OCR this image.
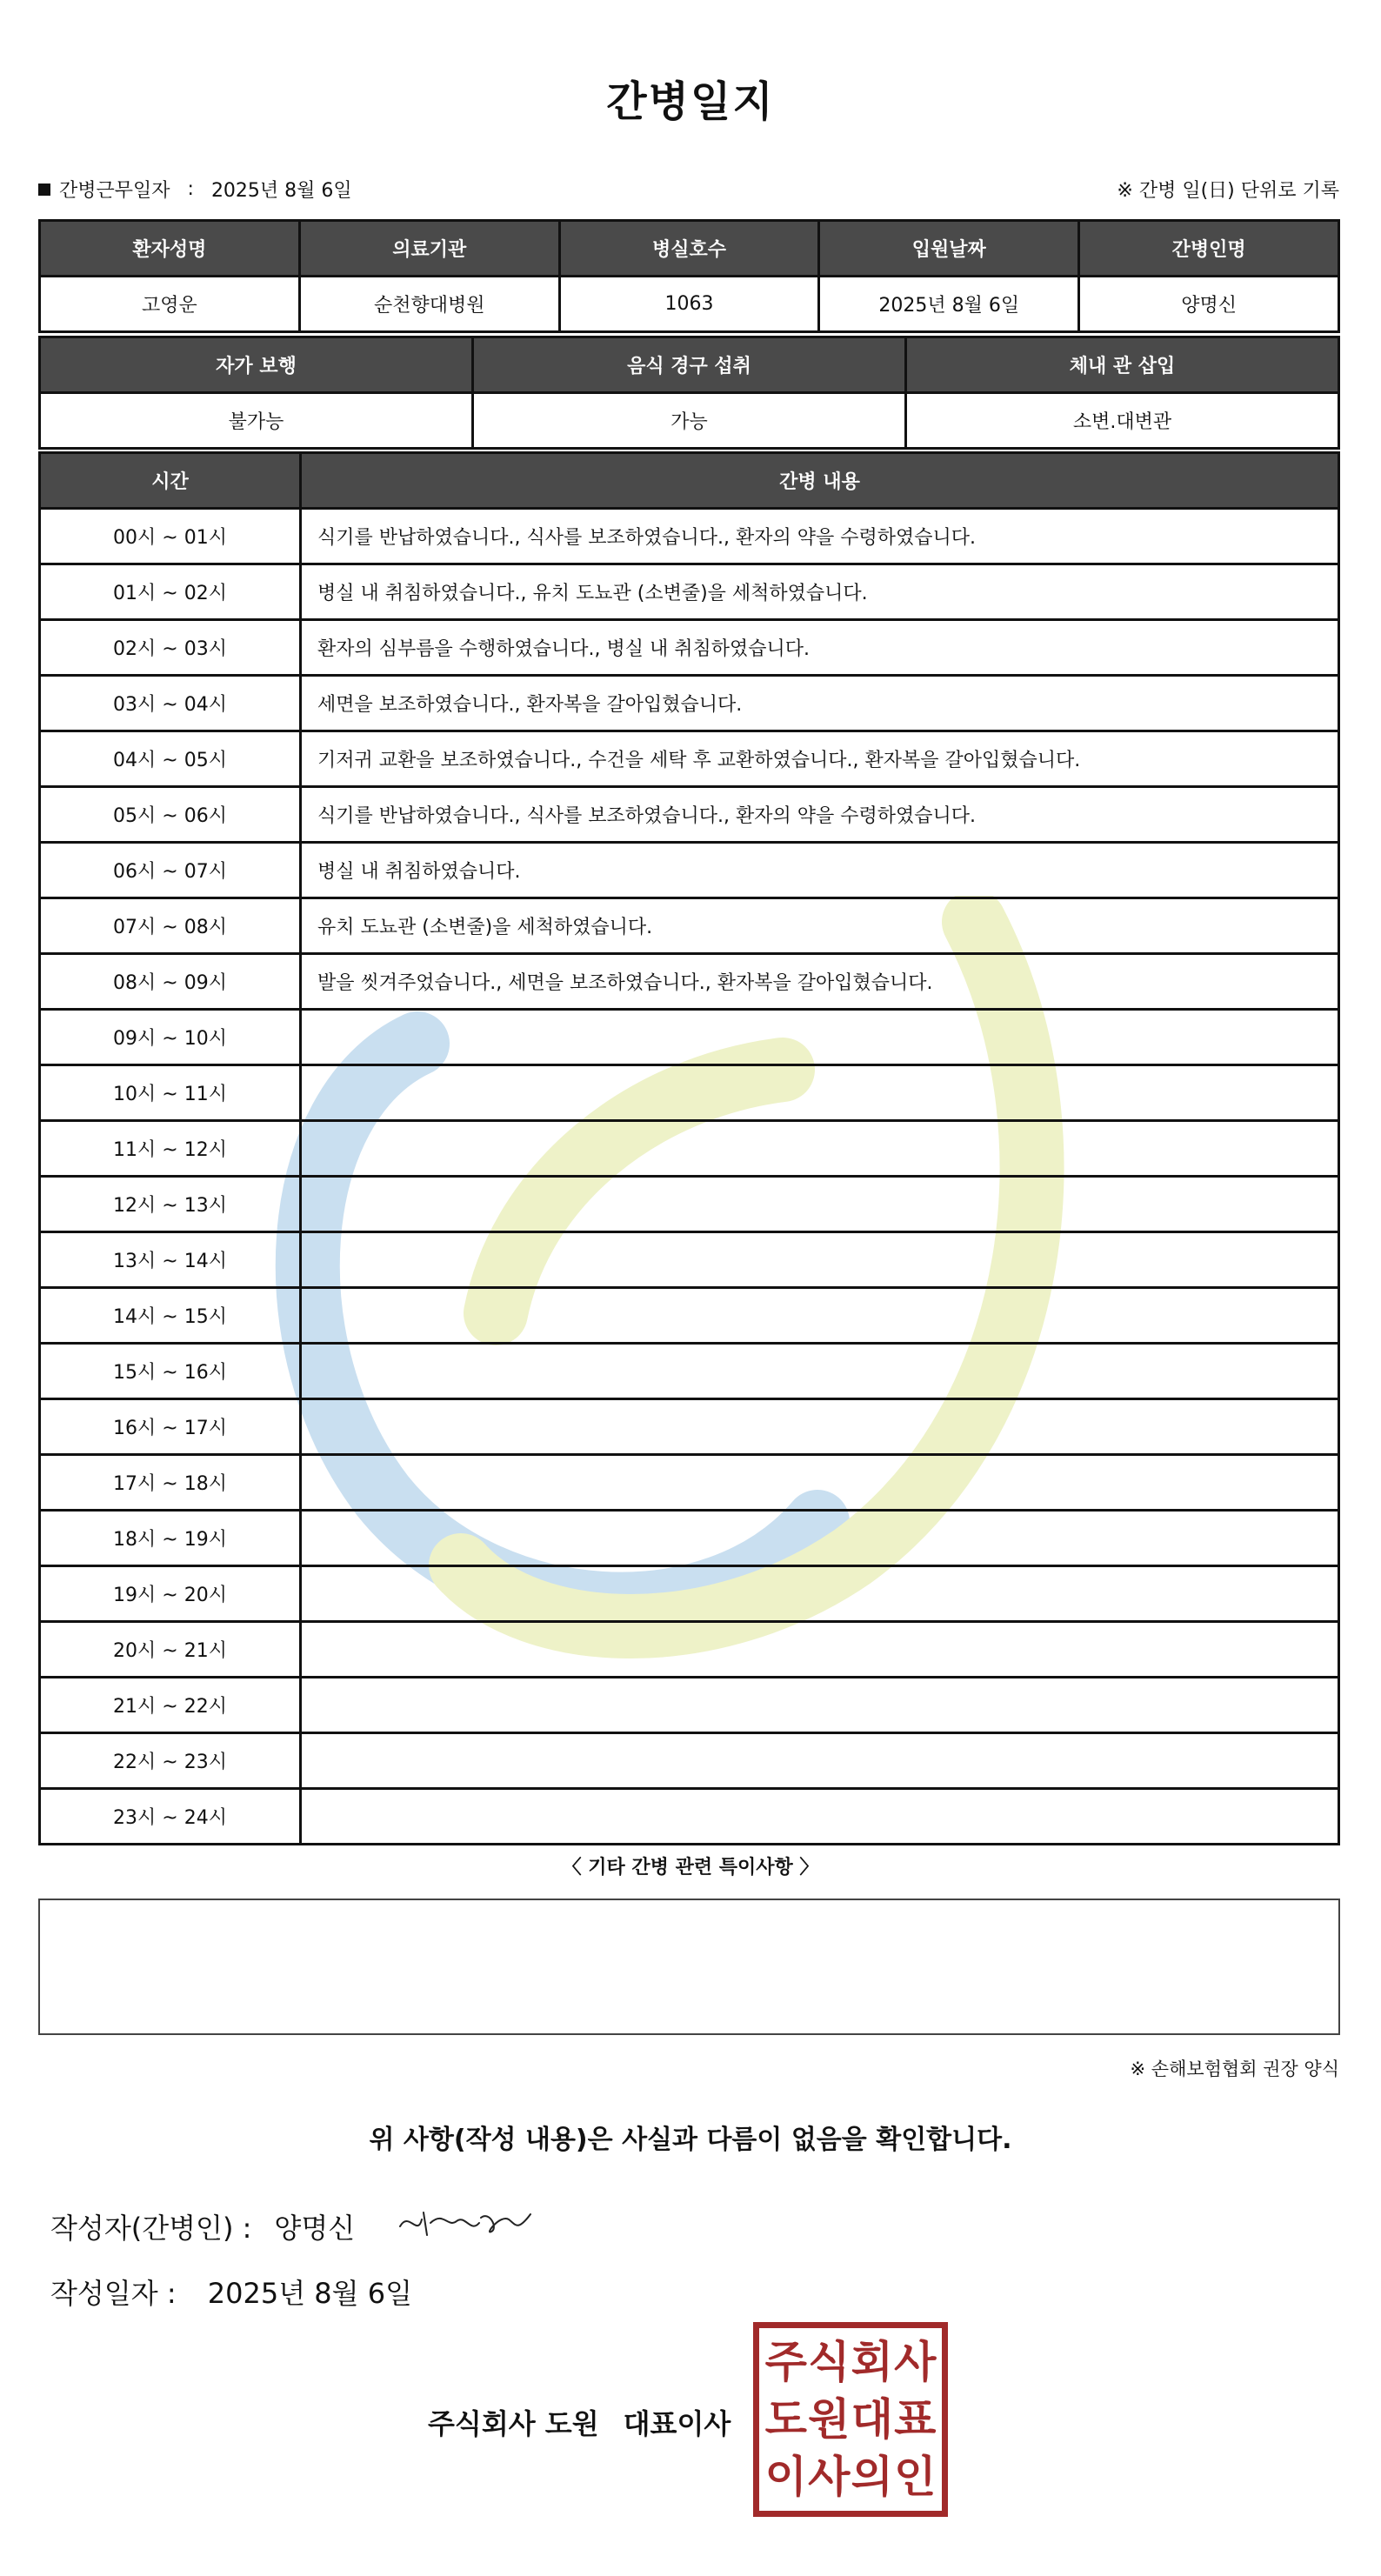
간병일지
간병근무일자 : 2025년 8월 6일	※ 간병 일(日) 단위로 기록
환자성명	의료기관	병실호수	입원날짜	간병인명
고영운	순천향대병원	1063	2025년 8월 6일	양명신
자가 보행	음식 경구 섭취	체내 관 삽입
불가능	가능	소변.대변관
시간	간병 내용
00시 ~ 01시	식기를 반납하였습니다., 식사를 보조하였습니다., 환자의 약을 수령하였습니다.
01시 ~ 02시	병실 내 취침하였습니다., 유치 도뇨관 (소변줄)을 세척하였습니다.
02시 ~ 03시	환자의 심부름을 수행하였습니다., 병실 내 취침하였습니다.
03시 ~ 04시	세면을 보조하였습니다., 환자복을 갈아입혔습니다.
04시 ~ 05시	기저귀 교환을 보조하였습니다., 수건을 세탁 후 교환하였습니다., 환자복을 갈아입혔습니다.
05시 ~ 06시	식기를 반납하였습니다., 식사를 보조하였습니다., 환자의 약을 수령하였습니다.
06시 ~ 07시	병실 내 취침하였습니다.
07시 ~ 08시	유치 도뇨관 (소변줄)을 세척하였습니다.
08시 ~ 09시	발을 씻겨주었습니다., 세면을 보조하였습니다., 환자복을 갈아입혔습니다.
09시 ~ 10시	
10시 ~ 11시	
11시 ~ 12시	
12시 ~ 13시	
13시 ~ 14시	
14시 ~ 15시	
15시 ~ 16시	
16시 ~ 17시	
17시 ~ 18시	
18시 ~ 19시	
19시 ~ 20시	
20시 ~ 21시	
21시 ~ 22시	
22시 ~ 23시	
23시 ~ 24시	
〈 기타 간병 관련 특이사항 〉
※ 손해보험협회 권장 양식
위 사항(작성 내용)은 사실과 다름이 없음을 확인합니다.
작성자(간병인) : 양명신
작성일자 : 2025년 8월 6일
주식회사 도원 대표이사
주 식 회 사
도 원 대 표
이 사 의 인
